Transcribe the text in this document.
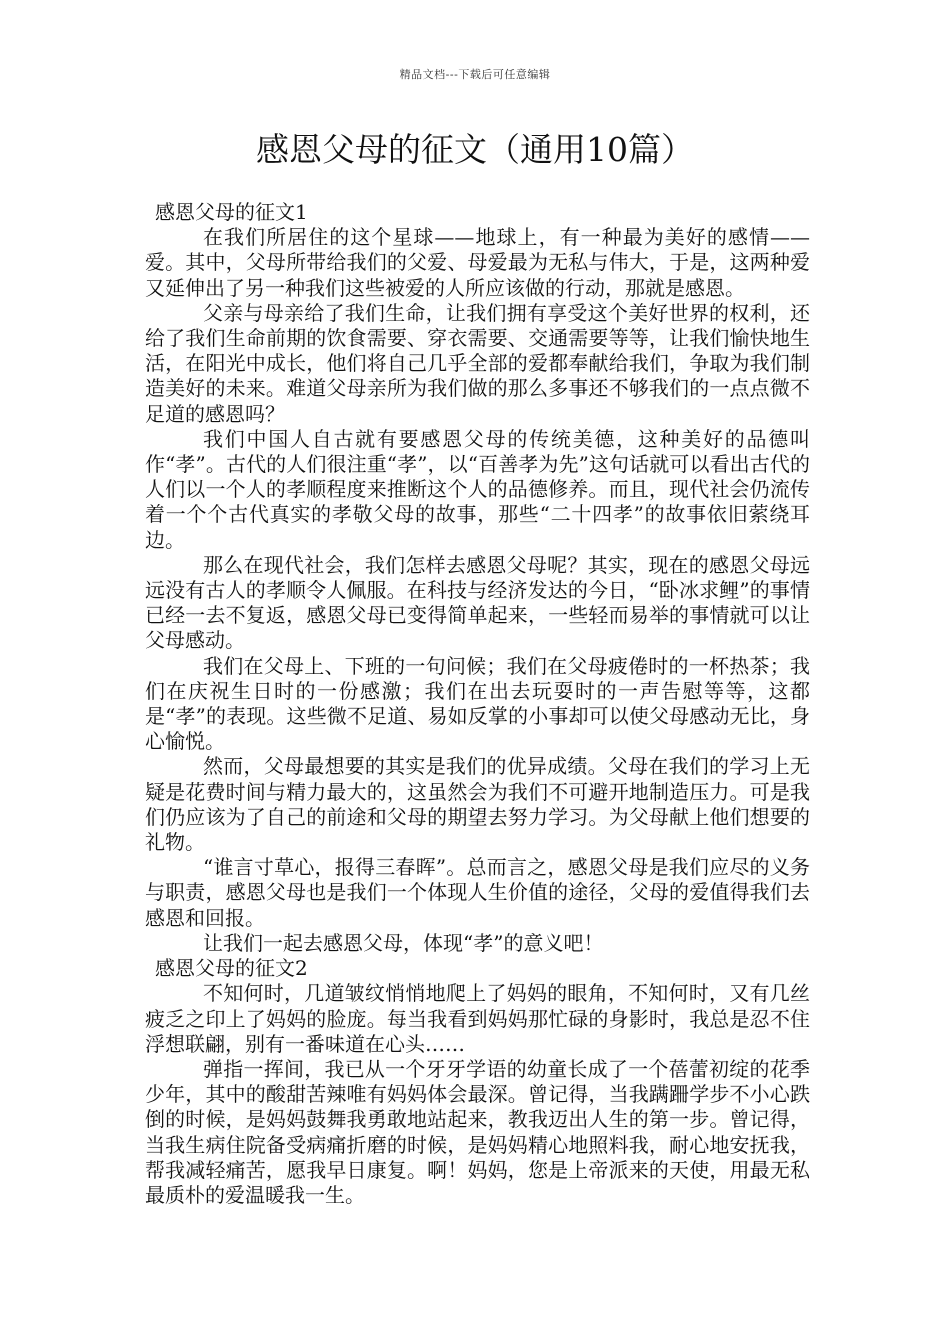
精品文档---下载后可任意编辑
感恩父母的征文（通用10篇）
感恩父母的征文1

在我们所居住的这个星球——地球上，有一种最为美好的感情——爱。其中，父母所带给我们的父爱、母爱最为无私与伟大，于是，这两种爱又延伸出了另一种我们这些被爱的人所应该做的行动，那就是感恩。

父亲与母亲给了我们生命，让我们拥有享受这个美好世界的权利，还给了我们生命前期的饮食需要、穿衣需要、交通需要等等，让我们愉快地生活，在阳光中成长，他们将自己几乎全部的爱都奉献给我们，争取为我们制造美好的未来。难道父母亲所为我们做的那么多事还不够我们的一点点微不足道的感恩吗？

我们中国人自古就有要感恩父母的传统美德，这种美好的品德叫作“孝”。古代的人们很注重“孝”，以“百善孝为先”这句话就可以看出古代的人们以一个人的孝顺程度来推断这个人的品德修养。而且，现代社会仍流传着一个个古代真实的孝敬父母的故事，那些“二十四孝”的故事依旧萦绕耳边。

那么在现代社会，我们怎样去感恩父母呢？其实，现在的感恩父母远远没有古人的孝顺令人佩服。在科技与经济发达的今日，“卧冰求鲤”的事情已经一去不复返，感恩父母已变得简单起来，一些轻而易举的事情就可以让父母感动。

我们在父母上、下班的一句问候；我们在父母疲倦时的一杯热茶；我们在庆祝生日时的一份感激；我们在出去玩耍时的一声告慰等等，这都是“孝”的表现。这些微不足道、易如反掌的小事却可以使父母感动无比，身心愉悦。

然而，父母最想要的其实是我们的优异成绩。父母在我们的学习上无疑是花费时间与精力最大的，这虽然会为我们不可避开地制造压力。可是我们仍应该为了自己的前途和父母的期望去努力学习。为父母献上他们想要的礼物。

“谁言寸草心，报得三春晖”。总而言之，感恩父母是我们应尽的义务与职责，感恩父母也是我们一个体现人生价值的途径，父母的爱值得我们去感恩和回报。

让我们一起去感恩父母，体现“孝”的意义吧！

感恩父母的征文2

不知何时，几道皱纹悄悄地爬上了妈妈的眼角，不知何时，又有几丝疲乏之印上了妈妈的脸庞。每当我看到妈妈那忙碌的身影时，我总是忍不住浮想联翩，别有一番味道在心头……

弹指一挥间，我已从一个牙牙学语的幼童长成了一个蓓蕾初绽的花季少年，其中的酸甜苦辣唯有妈妈体会最深。曾记得，当我蹒跚学步不小心跌倒的时候，是妈妈鼓舞我勇敢地站起来，教我迈出人生的第一步。曾记得，当我生病住院备受病痛折磨的时候，是妈妈精心地照料我，耐心地安抚我，帮我减轻痛苦，愿我早日康复。啊！妈妈，您是上帝派来的天使，用最无私最质朴的爱温暖我一生。
